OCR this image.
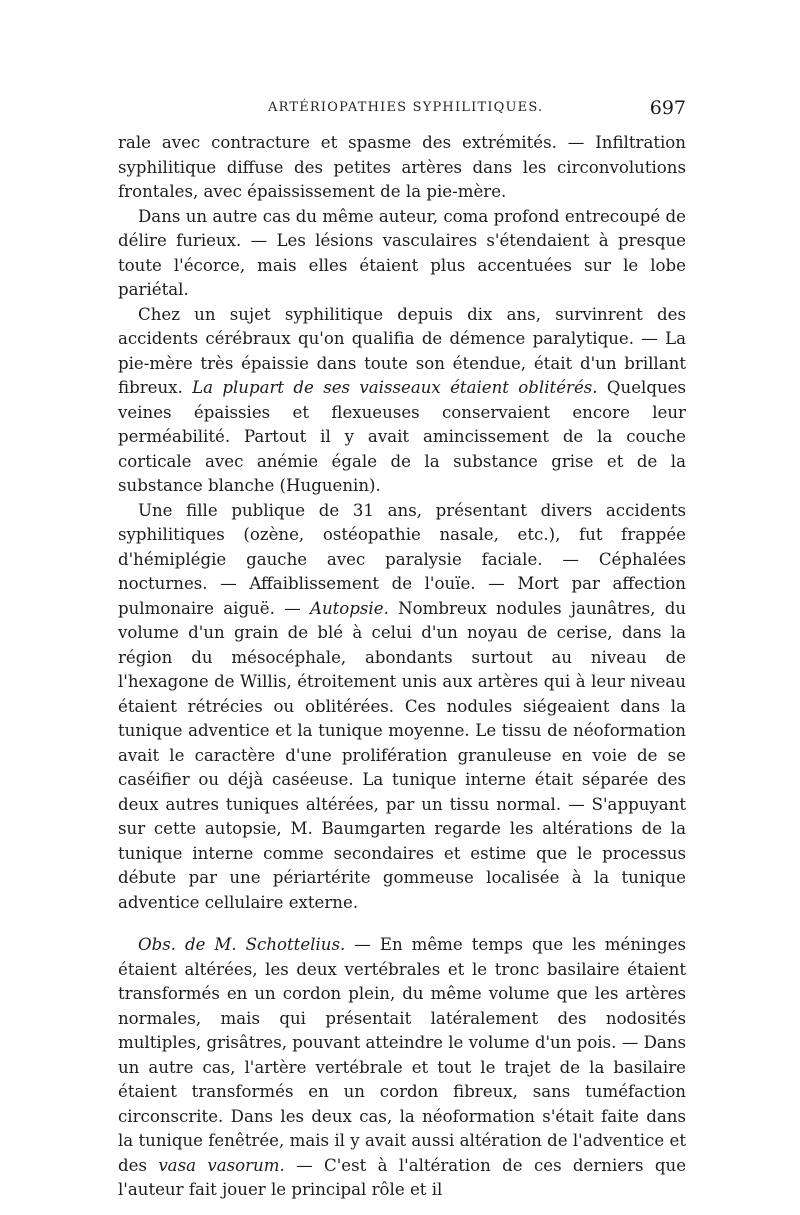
ARTÉRIOPATHIES SYPHILITIQUES.	697

rale avec contracture et spasme des extrémités. — Infiltration syphilitique diffuse des petites artères dans les circonvolutions frontales, avec épaississement de la pie-mère.

Dans un autre cas du même auteur, coma profond entrecoupé de délire furieux. — Les lésions vasculaires s'étendaient à presque toute l'écorce, mais elles étaient plus accentuées sur le lobe pariétal.

Chez un sujet syphilitique depuis dix ans, survinrent des accidents cérébraux qu'on qualifia de démence paralytique. — La pie-mère très épaissie dans toute son étendue, était d'un brillant fibreux. La plupart de ses vaisseaux étaient oblitérés. Quelques veines épaissies et flexueuses conservaient encore leur perméabilité. Partout il y avait amincissement de la couche corticale avec anémie égale de la substance grise et de la substance blanche (Huguenin).

Une fille publique de 31 ans, présentant divers accidents syphilitiques (ozène, ostéopathie nasale, etc.), fut frappée d'hémiplégie gauche avec paralysie faciale. — Céphalées nocturnes. — Affaiblissement de l'ouïe. — Mort par affection pulmonaire aiguë. — Autopsie. Nombreux nodules jaunâtres, du volume d'un grain de blé à celui d'un noyau de cerise, dans la région du mésocéphale, abondants surtout au niveau de l'hexagone de Willis, étroitement unis aux artères qui à leur niveau étaient rétrécies ou oblitérées. Ces nodules siégeaient dans la tunique adventice et la tunique moyenne. Le tissu de néoformation avait le caractère d'une prolifération granuleuse en voie de se caséifier ou déjà caséeuse. La tunique interne était séparée des deux autres tuniques altérées, par un tissu normal. — S'appuyant sur cette autopsie, M. Baumgarten regarde les altérations de la tunique interne comme secondaires et estime que le processus débute par une périartérite gommeuse localisée à la tunique adventice cellulaire externe.

Obs. de M. Schottelius. — En même temps que les méninges étaient altérées, les deux vertébrales et le tronc basilaire étaient transformés en un cordon plein, du même volume que les artères normales, mais qui présentait latéralement des nodosités multiples, grisâtres, pouvant atteindre le volume d'un pois. — Dans un autre cas, l'artère vertébrale et tout le trajet de la basilaire étaient transformés en un cordon fibreux, sans tuméfaction circonscrite. Dans les deux cas, la néoformation s'était faite dans la tunique fenêtrée, mais il y avait aussi altération de l'adventice et des vasa vasorum. — C'est à l'altération de ces derniers que l'auteur fait jouer le principal rôle et il
